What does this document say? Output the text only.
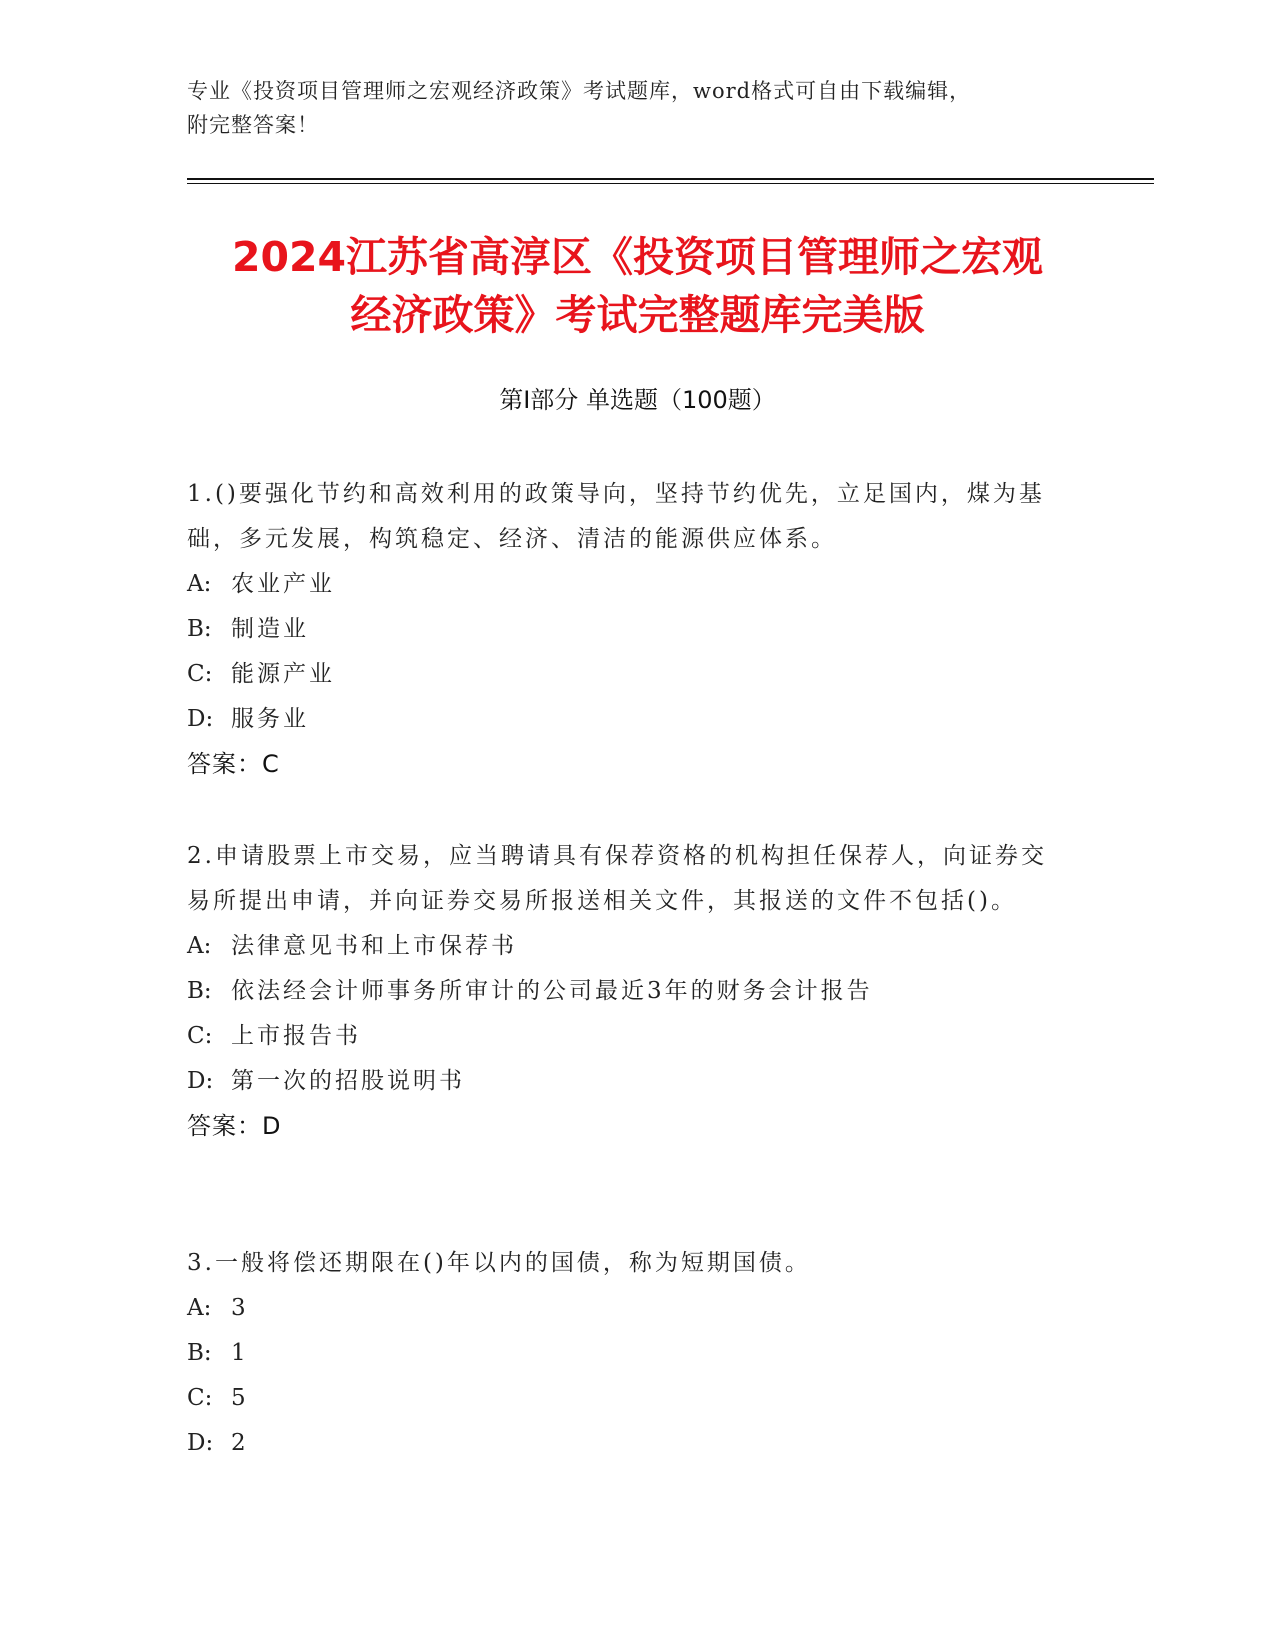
专业《投资项目管理师之宏观经济政策》考试题库，word格式可自由下载编辑，
附完整答案！
2024江苏省高淳区《投资项目管理师之宏观
经济政策》考试完整题库完美版
第Ⅰ部分 单选题（100题）

1.()要强化节约和高效利用的政策导向，坚持节约优先，立足国内，煤为基础，多元发展，构筑稳定、经济、清洁的能源供应体系。

A: 农业产业

B: 制造业

C: 能源产业

D: 服务业

答案：C

2.申请股票上市交易，应当聘请具有保荐资格的机构担任保荐人，向证券交易所提出申请，并向证券交易所报送相关文件，其报送的文件不包括()。

A: 法律意见书和上市保荐书

B: 依法经会计师事务所审计的公司最近3年的财务会计报告

C: 上市报告书

D: 第一次的招股说明书

答案：D

3.一般将偿还期限在()年以内的国债，称为短期国债。

A: 3

B: 1

C: 5

D: 2
